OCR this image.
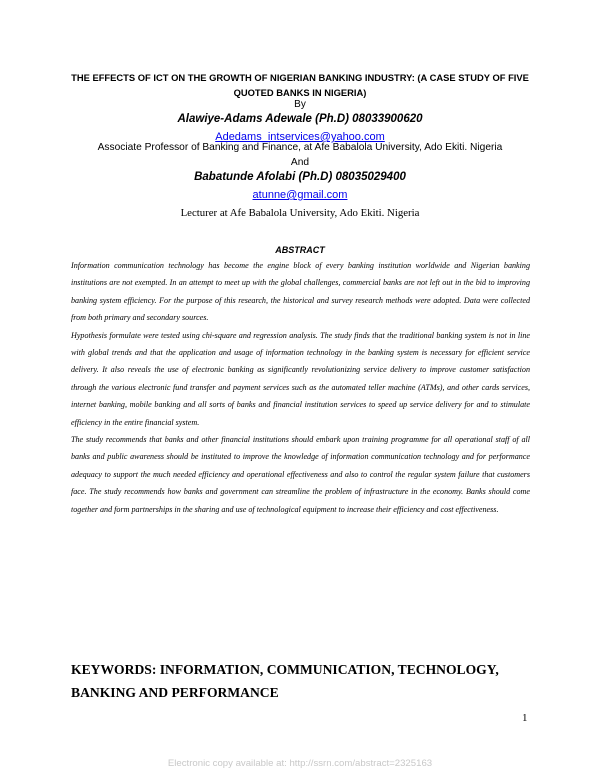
THE EFFECTS OF ICT ON THE GROWTH OF NIGERIAN BANKING INDUSTRY: (A CASE STUDY OF FIVE QUOTED BANKS IN NIGERIA)
By
Alawiye-Adams Adewale (Ph.D) 08033900620
Adedams_intservices@yahoo.com
Associate Professor of Banking and Finance, at Afe Babalola University, Ado Ekiti. Nigeria
And
Babatunde Afolabi (Ph.D) 08035029400
atunne@gmail.com
Lecturer at Afe Babalola University, Ado Ekiti. Nigeria
ABSTRACT

Information communication technology has become the engine block of every banking institution worldwide and Nigerian banking institutions are not exempted. In an attempt to meet up with the global challenges, commercial banks are not left out in the bid to improving banking system efficiency. For the purpose of this research, the historical and survey research methods were adopted. Data were collected from both primary and secondary sources.

Hypothesis formulate were tested using chi-square and regression analysis. The study finds that the traditional banking system is not in line with global trends and that the application and usage of information technology in the banking system is necessary for efficient service delivery. It also reveals the use of electronic banking as significantly revolutionizing service delivery to improve customer satisfaction through the various electronic fund transfer and payment services such as the automated teller machine (ATMs), and other cards services, internet banking, mobile banking and all sorts of banks and financial institution services to speed up service delivery for and to stimulate efficiency in the entire financial system.

The study recommends that banks and other financial institutions should embark upon training programme for all operational staff of all banks and public awareness should be instituted to improve the knowledge of information communication technology and for performance adequacy to support the much needed efficiency and operational effectiveness and also to control the regular system failure that customers face. The study recommends how banks and government can streamline the problem of infrastructure in the economy. Banks should come together and form partnerships in the sharing and use of technological equipment to increase their efficiency and cost effectiveness.

KEYWORDS: INFORMATION, COMMUNICATION, TECHNOLOGY, BANKING AND PERFORMANCE
1
Electronic copy available at: http://ssrn.com/abstract=2325163
